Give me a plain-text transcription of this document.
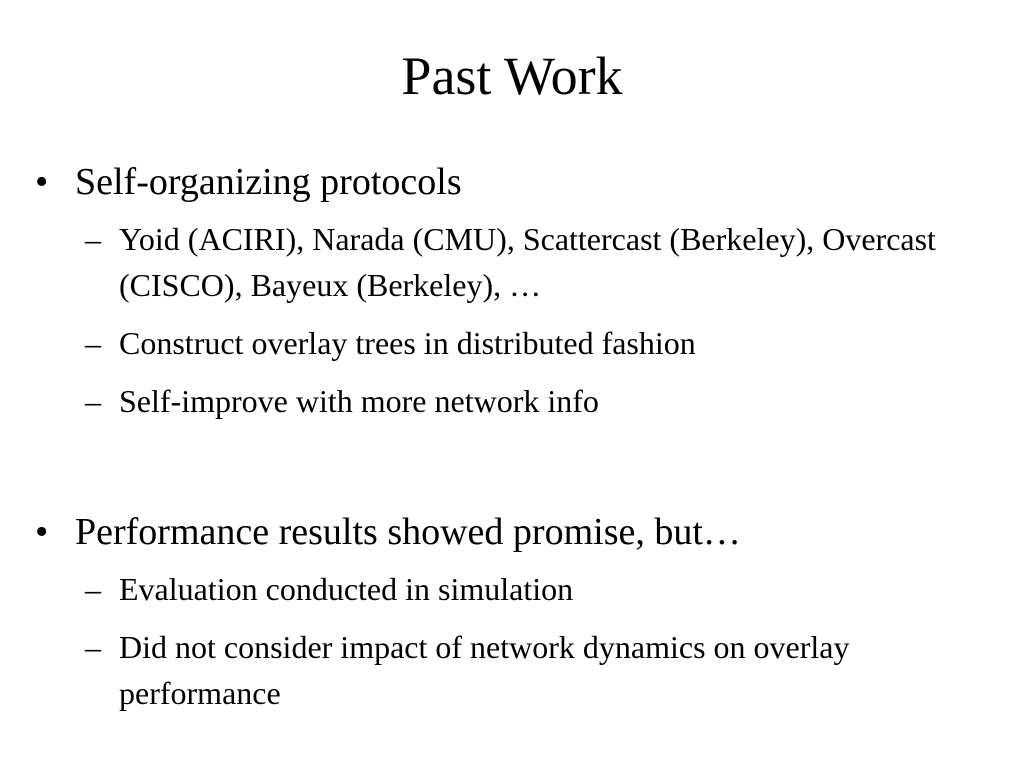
Past Work
• Self-organizing protocols
– Yoid (ACIRI), Narada (CMU), Scattercast (Berkeley), Overcast (CISCO), Bayeux (Berkeley), …
– Construct overlay trees in distributed fashion
– Self-improve with more network info
• Performance results showed promise, but…
– Evaluation conducted in simulation
– Did not consider impact of network dynamics on overlay performance
